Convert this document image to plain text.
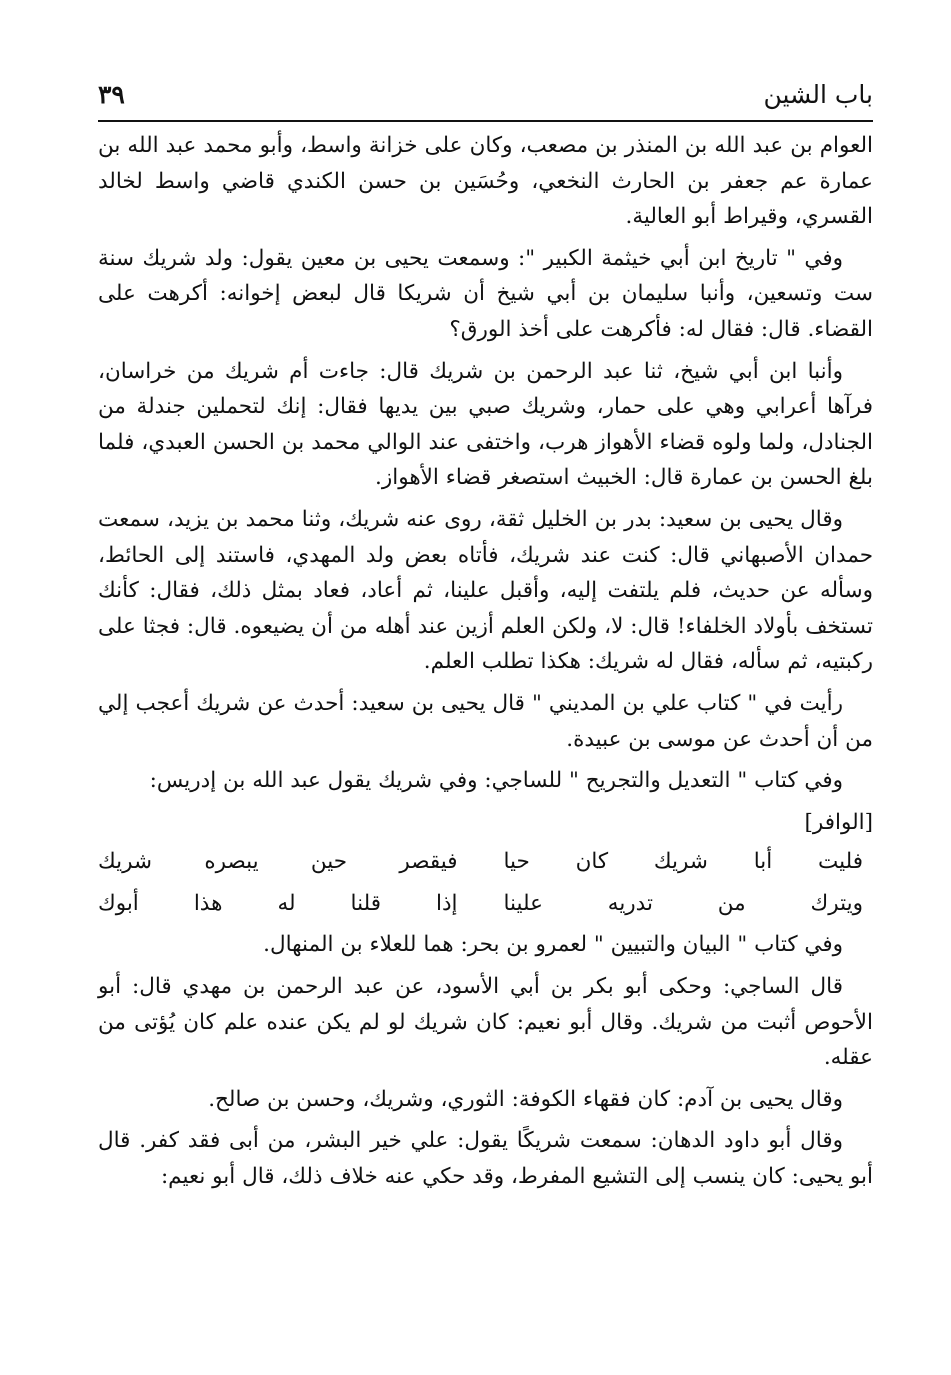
باب الشين
٣٩

العوام بن عبد الله بن المنذر بن مصعب، وكان على خزانة واسط، وأبو محمد عبد الله بن عمارة عم جعفر بن الحارث النخعي، وحُسَين بن حسن الكندي قاضي واسط لخالد القسري، وقيراط أبو العالية.

وفي " تاريخ ابن أبي خيثمة الكبير ": وسمعت يحيى بن معين يقول: ولد شريك سنة ست وتسعين، وأنبا سليمان بن أبي شيخ أن شريكا قال لبعض إخوانه: أكرهت على القضاء. قال: فقال له: فأكرهت على أخذ الورق؟

وأنبا ابن أبي شيخ، ثنا عبد الرحمن بن شريك قال: جاءت أم شريك من خراسان، فرآها أعرابي وهي على حمار، وشريك صبي بين يديها فقال: إنك لتحملين جندلة من الجنادل، ولما ولوه قضاء الأهواز هرب، واختفى عند الوالي محمد بن الحسن العبدي، فلما بلغ الحسن بن عمارة قال: الخبيث استصغر قضاء الأهواز.

وقال يحيى بن سعيد: بدر بن الخليل ثقة، روى عنه شريك، وثنا محمد بن يزيد، سمعت حمدان الأصبهاني قال: كنت عند شريك، فأتاه بعض ولد المهدي، فاستند إلى الحائط، وسأله عن حديث، فلم يلتفت إليه، وأقبل علينا، ثم أعاد، فعاد بمثل ذلك، فقال: كأنك تستخف بأولاد الخلفاء! قال: لا، ولكن العلم أزين عند أهله من أن يضيعوه. قال: فجثا على ركبتيه، ثم سأله، فقال له شريك: هكذا تطلب العلم.

رأيت في " كتاب علي بن المديني " قال يحيى بن سعيد: أحدث عن شريك أعجب إلي من أن أحدث عن موسى بن عبيدة.

وفي كتاب " التعديل والتجريح " للساجي: وفي شريك يقول عبد الله بن إدريس:

[الوافر]

فليت أبا شريك كان حيا
فيقصر حين يبصره شريك
ويترك من تدريه علينا
إذا قلنا له هذا أبوك

وفي كتاب " البيان والتبيين " لعمرو بن بحر: هما للعلاء بن المنهال.

قال الساجي: وحكى أبو بكر بن أبي الأسود، عن عبد الرحمن بن مهدي قال: أبو الأحوص أثبت من شريك. وقال أبو نعيم: كان شريك لو لم يكن عنده علم كان يُؤتى من عقله.

وقال يحيى بن آدم: كان فقهاء الكوفة: الثوري، وشريك، وحسن بن صالح.

وقال أبو داود الدهان: سمعت شريكًا يقول: علي خير البشر، من أبى فقد كفر. قال أبو يحيى: كان ينسب إلى التشيع المفرط، وقد حكي عنه خلاف ذلك، قال أبو نعيم:
